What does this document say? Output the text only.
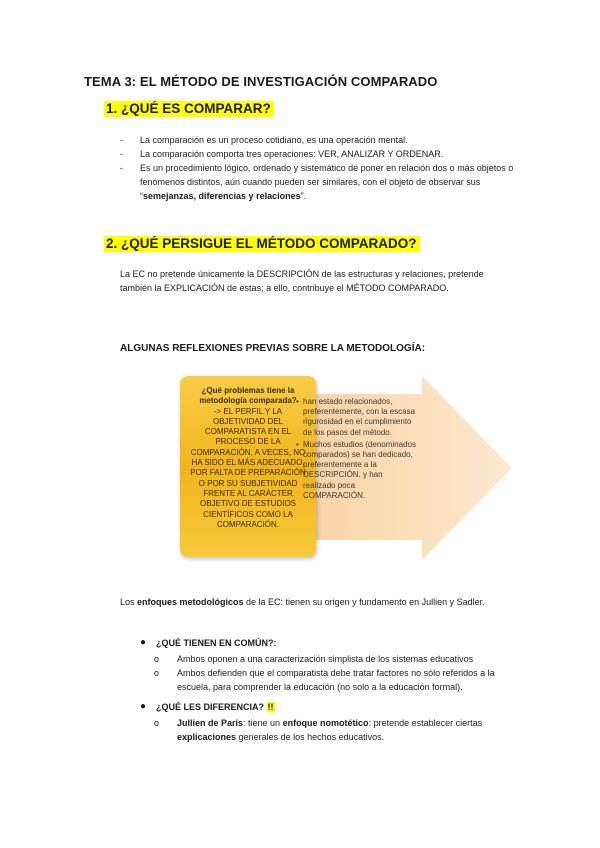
TEMA 3: EL MÉTODO DE INVESTIGACIÓN COMPARADO
1. ¿QUÉ ES COMPARAR?
- La comparación es un proceso cotidiano, es una operación mental.
- La comparación comporta tres operaciones: VER, ANALIZAR Y ORDENAR.
- Es un procedimiento lógico, ordenado y sistemático de poner en relación dos o más objetos o fenómenos distintos, aún cuando pueden ser similares, con el objeto de observar sus “semejanzas, diferencias y relaciones”.
2. ¿QUÉ PERSIGUE EL MÉTODO COMPARADO?
La EC no pretende únicamente la DESCRIPCIÓN de las estructuras y relaciones, pretende también la EXPLICACIÓN de estas; a ello, contribuye el MÉTODO COMPARADO.
ALGUNAS REFLEXIONES PREVIAS SOBRE LA METODOLOGÍA:
¿Qué problemas tiene la metodología comparada?
-> EL PERFIL Y LA OBJETIVIDAD DEL COMPARATISTA EN EL PROCESO DE LA COMPARACIÓN, A VECES, NO HA SIDO EL MÁS ADECUADO. POR FALTA DE PREPARACIÓN O POR SU SUBJETIVIDAD FRENTE AL CARÁCTER OBJETIVO DE ESTUDIOS CIENTÍFICOS COMO LA COMPARACIÓN.
• han estado relacionados, preferentemente, con la escasa rigurosidad en el cumplimiento de los pasos del método.
• Muchos estudios (denominados comparados) se han dedicado, preferentemente a la DESCRIPCIÓN, y han realizado poca COMPARACIÓN.
Los enfoques metodológicos de la EC: tienen su origen y fundamento en Jullien y Sadler.
● ¿QUÉ TIENEN EN COMÚN?:
o Ambos oponen a una caracterización simplista de los sistemas educativos
o Ambos defienden que el comparatista debe tratar factores no sólo referidos a la escuela, para comprender la educación (no solo a la educación formal).
● ¿QUÉ LES DIFERENCIA? !!
o Jullien de Paris: tiene un enfoque nomotético: pretende establecer ciertas explicaciones generales de los hechos educativos.
